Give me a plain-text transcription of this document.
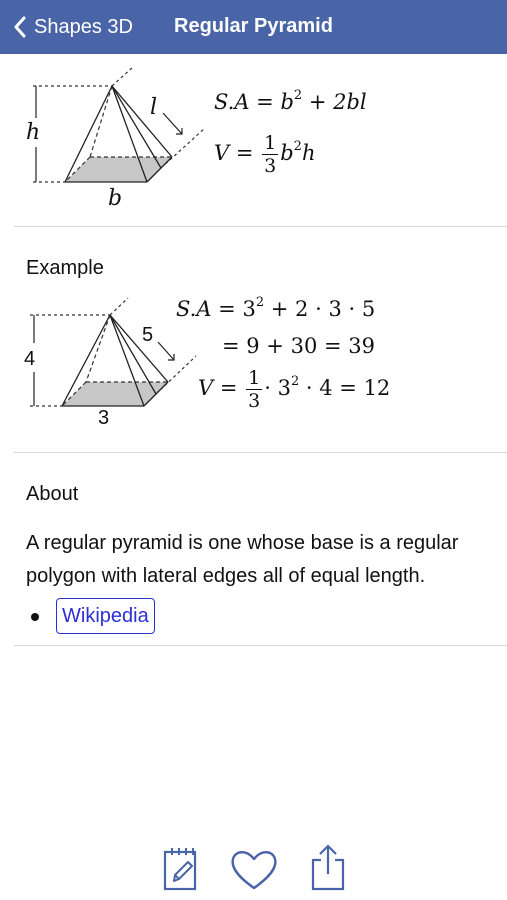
Shapes 3D Regular Pyramid
h
l
b
$S.A = b^2 + 2bl$
$V = \frac{1}{3} b^2h$
Example
4
5
3
$S.A = 3^2 + 2 \cdot 3 \cdot 5$
= 9 + 30 = 39
$V = \frac{1}{3} \cdot 3^2 \cdot 4 = 12$
About
A regular pyramid is one whose base is a regular polygon with lateral edges all of equal length.
Wikipedia
